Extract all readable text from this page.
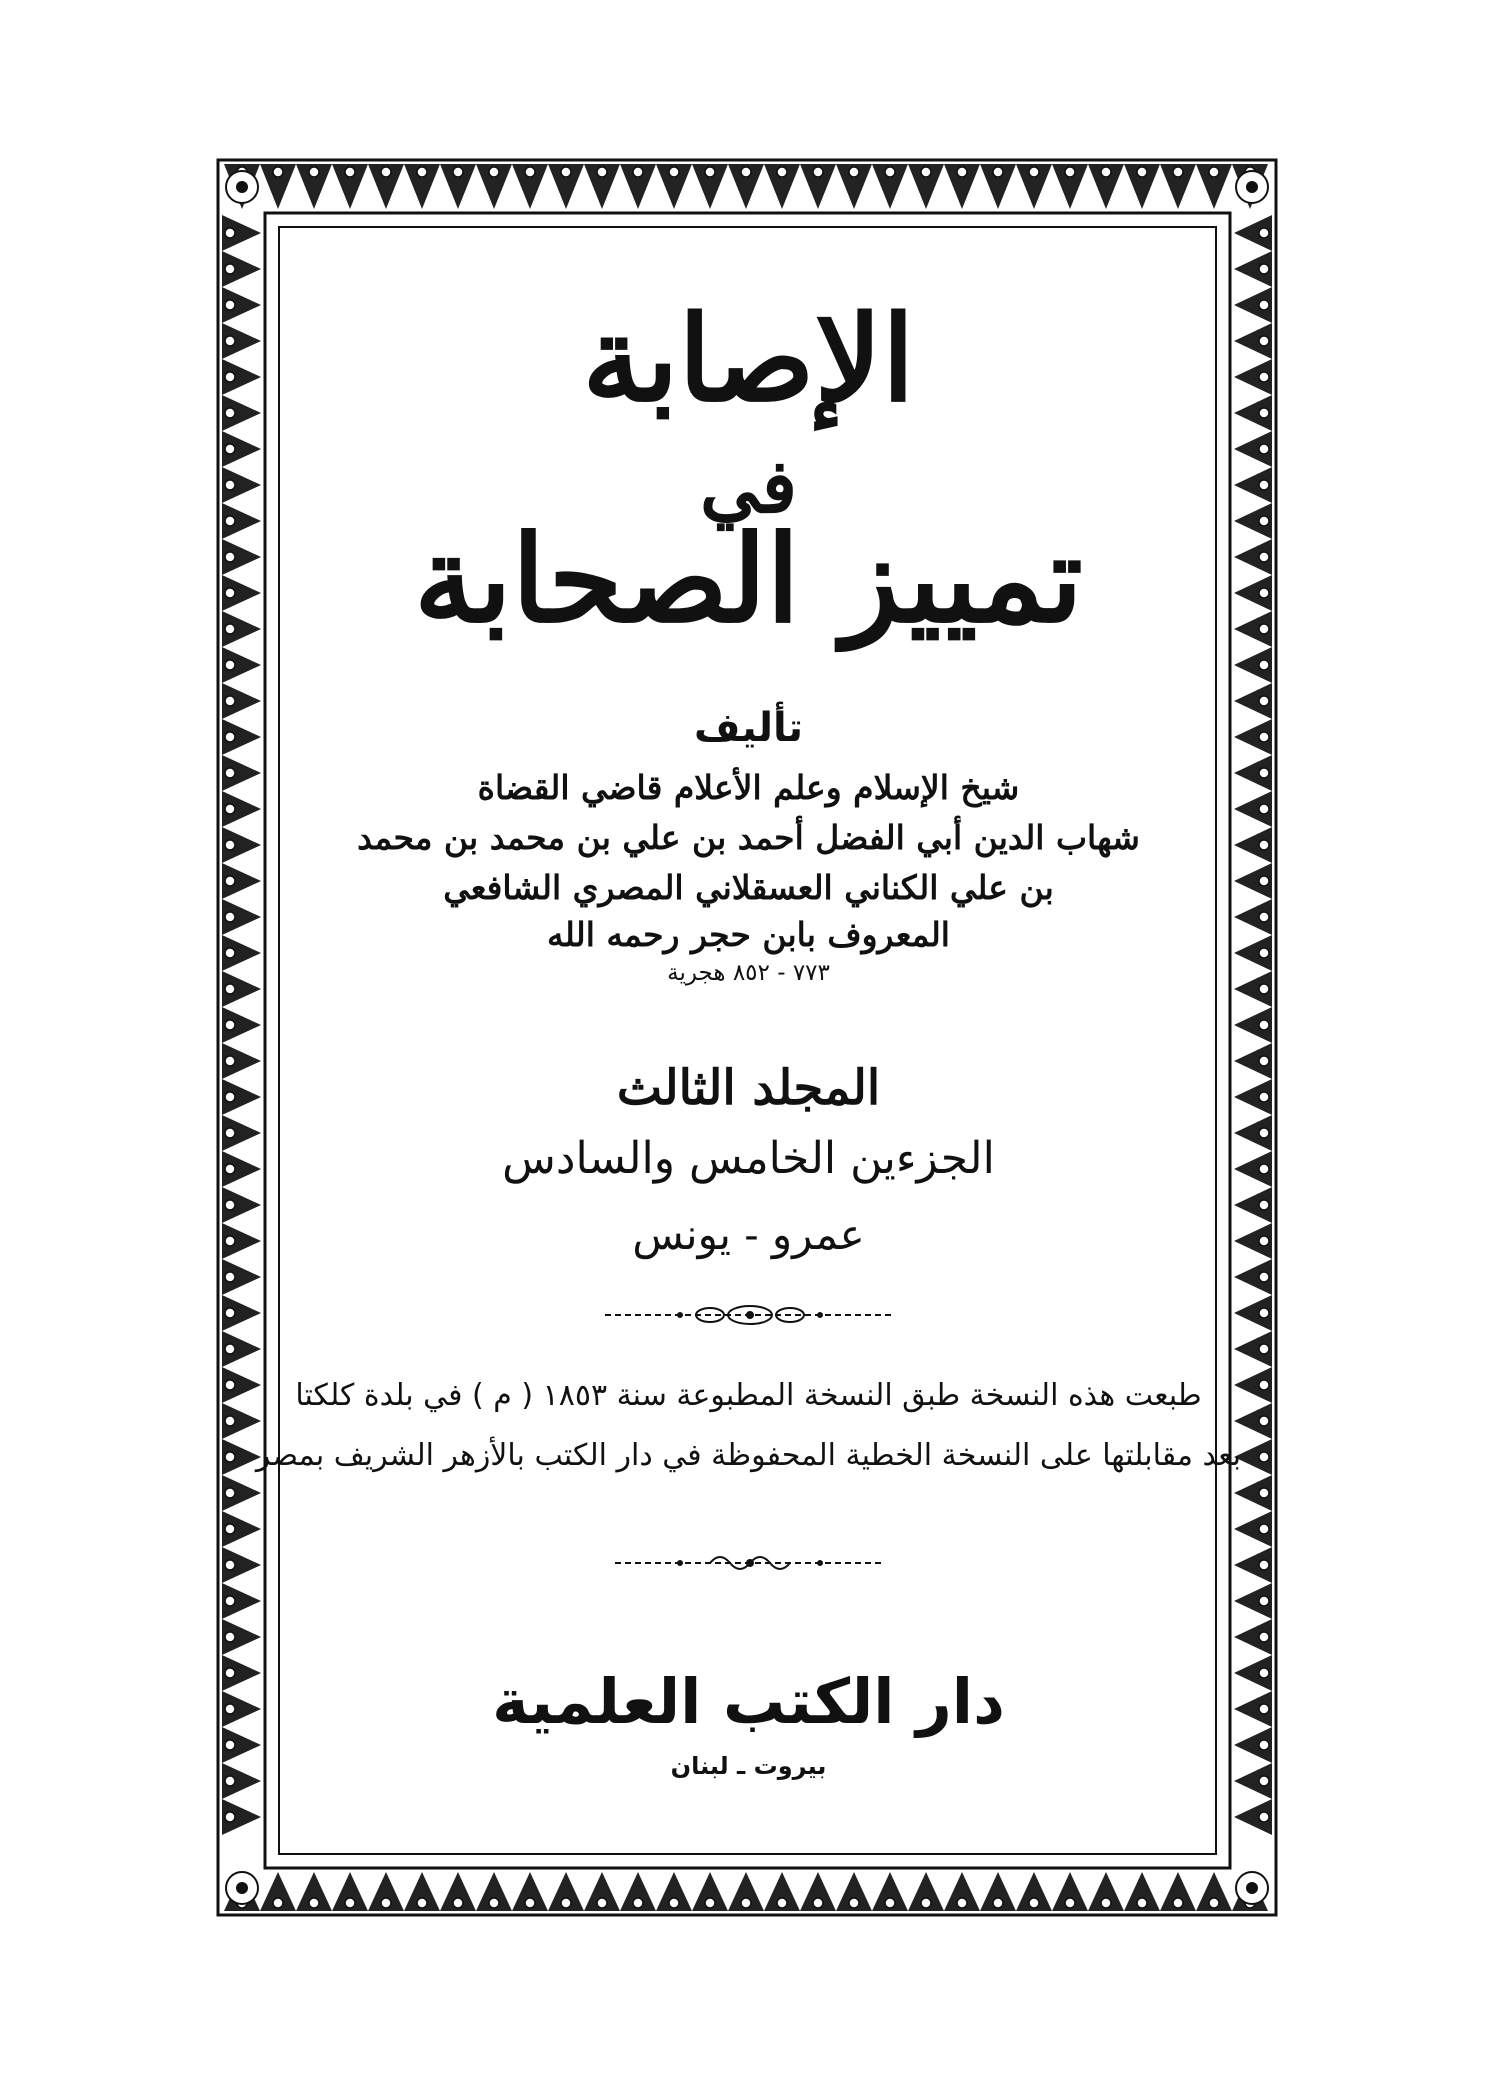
الإصابة
في
تمييز الصحابة
تأليف
شيخ الإسلام وعلم الأعلام قاضي القضاة
شهاب الدين أبي الفضل أحمد بن علي بن محمد بن محمد
بن علي الكناني العسقلاني المصري الشافعي
المعروف بابن حجر رحمه الله
٧٧٣ - ٨٥٢ هجرية
المجلد الثالث
الجزءين الخامس والسادس
عمرو - يونس
طبعت هذه النسخة طبق النسخة المطبوعة سنة ١٨٥٣ ( م ) في بلدة كلكتا
بعد مقابلتها على النسخة الخطية المحفوظة في دار الكتب بالأزهر الشريف بمصر
دار الكتب العلمية
بيروت ـ لبنان
